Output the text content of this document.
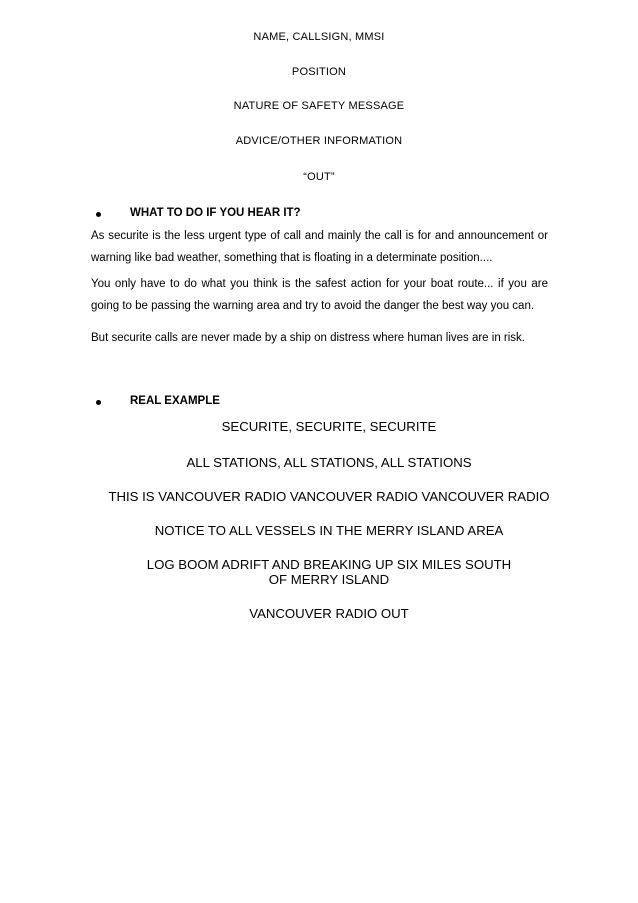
NAME, CALLSIGN, MMSI
POSITION
NATURE OF SAFETY MESSAGE
ADVICE/OTHER INFORMATION
“OUT”
WHAT TO DO IF YOU HEAR IT?
As securite is the less urgent type of call and mainly the call is for and announcement or warning like bad weather, something that is floating in a determinate position....
You only have to do what you think is the safest action for your boat route... if you are going to be passing the warning area and try to avoid the danger the best way you can.
But securite calls are never made by a ship on distress where human lives are in risk.
REAL EXAMPLE
SECURITE, SECURITE, SECURITE
ALL STATIONS, ALL STATIONS, ALL STATIONS
THIS IS VANCOUVER RADIO VANCOUVER RADIO VANCOUVER RADIO
NOTICE TO ALL VESSELS IN THE MERRY ISLAND AREA
LOG BOOM ADRIFT AND BREAKING UP SIX MILES SOUTH
OF MERRY ISLAND
VANCOUVER RADIO OUT
